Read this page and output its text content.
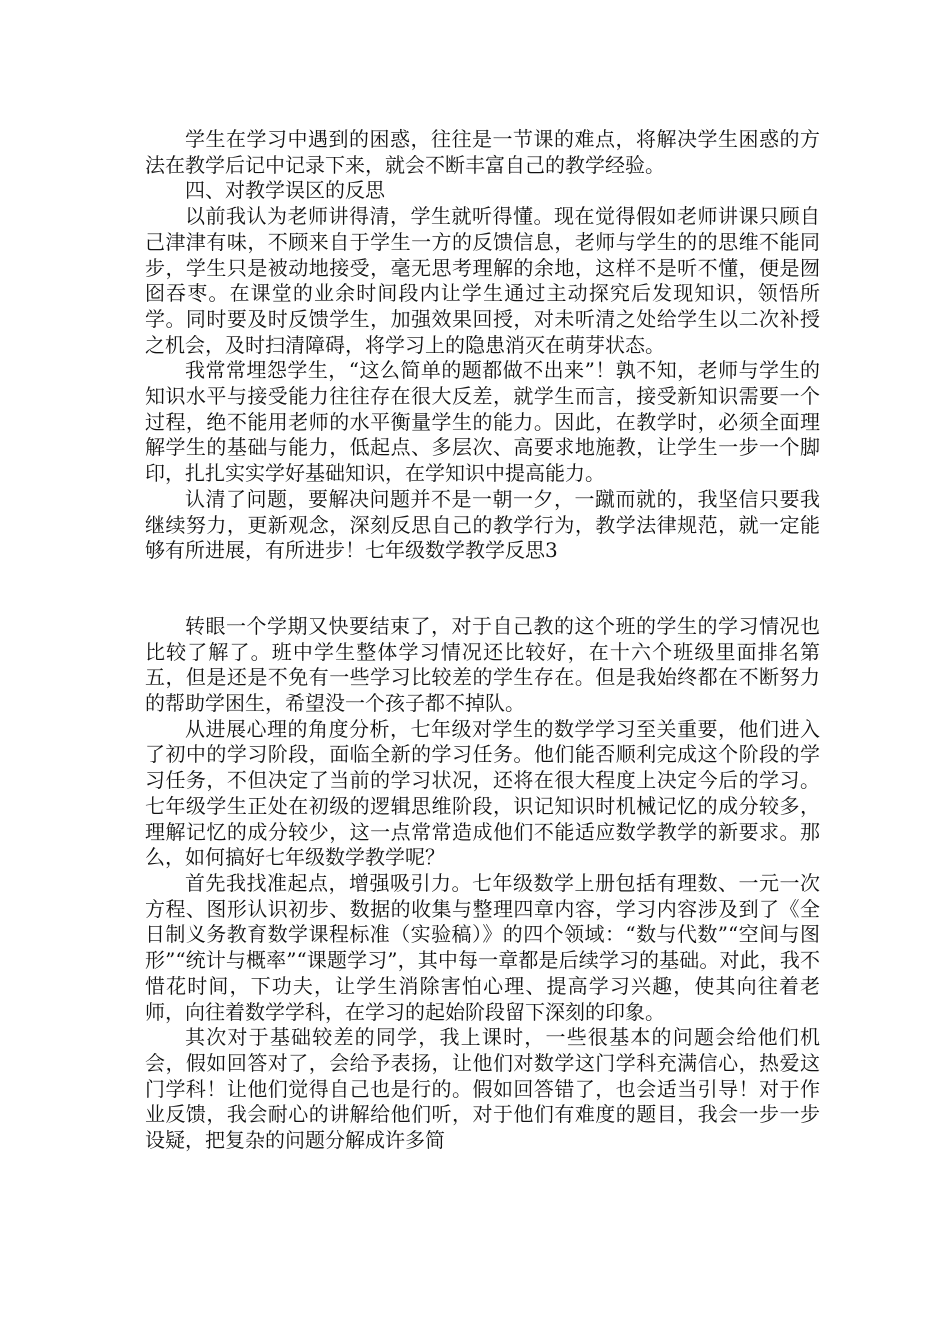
学生在学习中遇到的困惑，往往是一节课的难点，将解决学生困惑的方法在教学后记中记录下来，就会不断丰富自己的教学经验。

四、对教学误区的反思

以前我认为老师讲得清，学生就听得懂。现在觉得假如老师讲课只顾自己津津有味，不顾来自于学生一方的反馈信息，老师与学生的的思维不能同步，学生只是被动地接受，毫无思考理解的余地，这样不是听不懂，便是囫囵吞枣。在课堂的业余时间段内让学生通过主动探究后发现知识，领悟所学。同时要及时反馈学生，加强效果回授，对未听清之处给学生以二次补授之机会，及时扫清障碍，将学习上的隐患消灭在萌芽状态。

我常常埋怨学生，“这么简单的题都做不出来”！孰不知，老师与学生的知识水平与接受能力往往存在很大反差，就学生而言，接受新知识需要一个过程，绝不能用老师的水平衡量学生的能力。因此，在教学时，必须全面理解学生的基础与能力，低起点、多层次、高要求地施教，让学生一步一个脚印，扎扎实实学好基础知识，在学知识中提高能力。

认清了问题，要解决问题并不是一朝一夕，一蹴而就的，我坚信只要我继续努力，更新观念，深刻反思自己的教学行为，教学法律规范，就一定能够有所进展，有所进步！七年级数学教学反思3

转眼一个学期又快要结束了，对于自己教的这个班的学生的学习情况也比较了解了。班中学生整体学习情况还比较好，在十六个班级里面排名第五，但是还是不免有一些学习比较差的学生存在。但是我始终都在不断努力的帮助学困生，希望没一个孩子都不掉队。

从进展心理的角度分析，七年级对学生的数学学习至关重要，他们进入了初中的学习阶段，面临全新的学习任务。他们能否顺利完成这个阶段的学习任务，不但决定了当前的学习状况，还将在很大程度上决定今后的学习。七年级学生正处在初级的逻辑思维阶段，识记知识时机械记忆的成分较多，理解记忆的成分较少，这一点常常造成他们不能适应数学教学的新要求。那么，如何搞好七年级数学教学呢？

首先我找准起点，增强吸引力。七年级数学上册包括有理数、一元一次方程、图形认识初步、数据的收集与整理四章内容，学习内容涉及到了《全日制义务教育数学课程标准（实验稿）》的四个领域：“数与代数”“空间与图形”“统计与概率”“课题学习”，其中每一章都是后续学习的基础。对此，我不惜花时间，下功夫，让学生消除害怕心理、提高学习兴趣，使其向往着老师，向往着数学学科，在学习的起始阶段留下深刻的印象。

其次对于基础较差的同学，我上课时，一些很基本的问题会给他们机会，假如回答对了，会给予表扬，让他们对数学这门学科充满信心，热爱这门学科！让他们觉得自己也是行的。假如回答错了，也会适当引导！对于作业反馈，我会耐心的讲解给他们听，对于他们有难度的题目，我会一步一步设疑，把复杂的问题分解成许多简
